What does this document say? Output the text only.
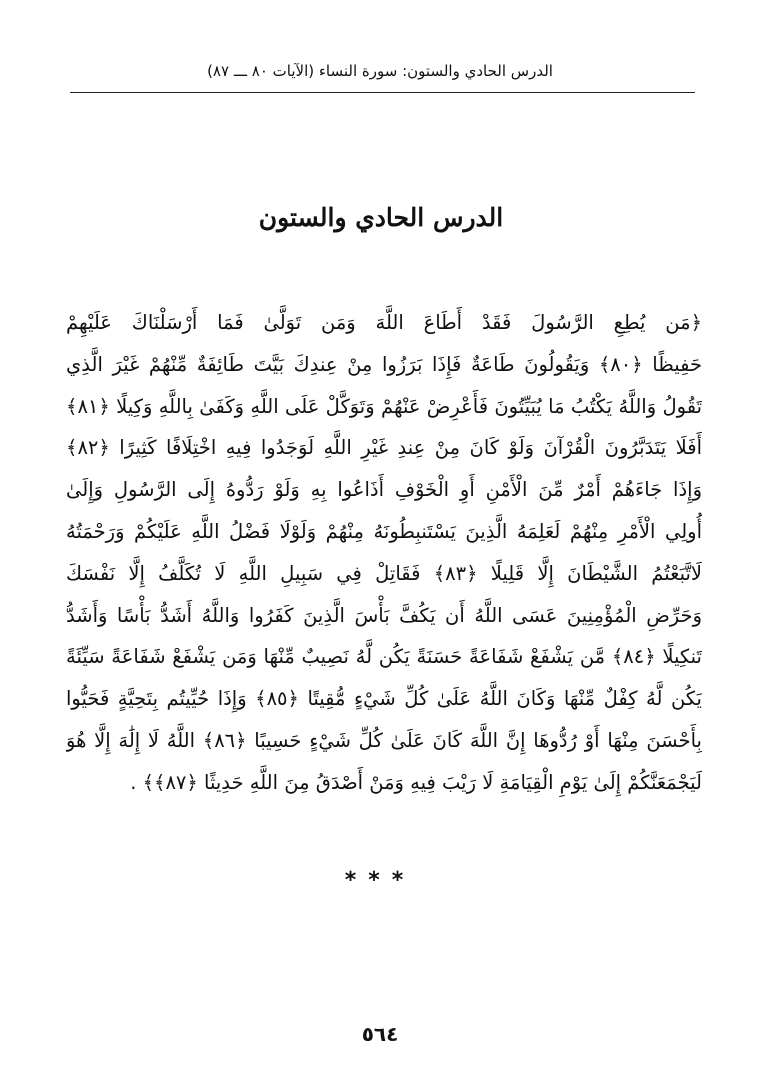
الدرس الحادي والستون: سورة النساء (الآيات ٨٠ ـــ ٨٧)
الدرس الحادي والستون
﴿مَن يُطِعِ الرَّسُولَ فَقَدْ أَطَاعَ اللَّهَ وَمَن تَوَلَّىٰ فَمَا أَرْسَلْنَاكَ عَلَيْهِمْ
حَفِيظًا ﴿٨٠﴾ وَيَقُولُونَ طَاعَةٌ فَإِذَا بَرَزُوا مِنْ عِندِكَ بَيَّتَ طَائِفَةٌ مِّنْهُمْ غَيْرَ الَّذِي
تَقُولُ وَاللَّهُ يَكْتُبُ مَا يُبَيِّتُونَ فَأَعْرِضْ عَنْهُمْ وَتَوَكَّلْ عَلَى اللَّهِ وَكَفَىٰ بِاللَّهِ وَكِيلًا ﴿٨١﴾
أَفَلَا يَتَدَبَّرُونَ الْقُرْآنَ وَلَوْ كَانَ مِنْ عِندِ غَيْرِ اللَّهِ لَوَجَدُوا فِيهِ اخْتِلَافًا كَثِيرًا ﴿٨٢﴾
وَإِذَا جَاءَهُمْ أَمْرٌ مِّنَ الْأَمْنِ أَوِ الْخَوْفِ أَذَاعُوا بِهِ وَلَوْ رَدُّوهُ إِلَى الرَّسُولِ وَإِلَىٰ
أُولِي الْأَمْرِ مِنْهُمْ لَعَلِمَهُ الَّذِينَ يَسْتَنبِطُونَهُ مِنْهُمْ وَلَوْلَا فَضْلُ اللَّهِ عَلَيْكُمْ وَرَحْمَتُهُ
لَاتَّبَعْتُمُ الشَّيْطَانَ إِلَّا قَلِيلًا ﴿٨٣﴾ فَقَاتِلْ فِي سَبِيلِ اللَّهِ لَا تُكَلَّفُ إِلَّا نَفْسَكَ
وَحَرِّضِ الْمُؤْمِنِينَ عَسَى اللَّهُ أَن يَكُفَّ بَأْسَ الَّذِينَ كَفَرُوا وَاللَّهُ أَشَدُّ بَأْسًا وَأَشَدُّ
تَنكِيلًا ﴿٨٤﴾ مَّن يَشْفَعْ شَفَاعَةً حَسَنَةً يَكُن لَّهُ نَصِيبٌ مِّنْهَا وَمَن يَشْفَعْ شَفَاعَةً سَيِّئَةً
يَكُن لَّهُ كِفْلٌ مِّنْهَا وَكَانَ اللَّهُ عَلَىٰ كُلِّ شَيْءٍ مُّقِيتًا ﴿٨٥﴾ وَإِذَا حُيِّيتُم بِتَحِيَّةٍ فَحَيُّوا
بِأَحْسَنَ مِنْهَا أَوْ رُدُّوهَا إِنَّ اللَّهَ كَانَ عَلَىٰ كُلِّ شَيْءٍ حَسِيبًا ﴿٨٦﴾ اللَّهُ لَا إِلَٰهَ إِلَّا هُوَ
لَيَجْمَعَنَّكُمْ إِلَىٰ يَوْمِ الْقِيَامَةِ لَا رَيْبَ فِيهِ وَمَنْ أَصْدَقُ مِنَ اللَّهِ حَدِيثًا ﴿٨٧﴾﴾ .
***
٥٦٤
